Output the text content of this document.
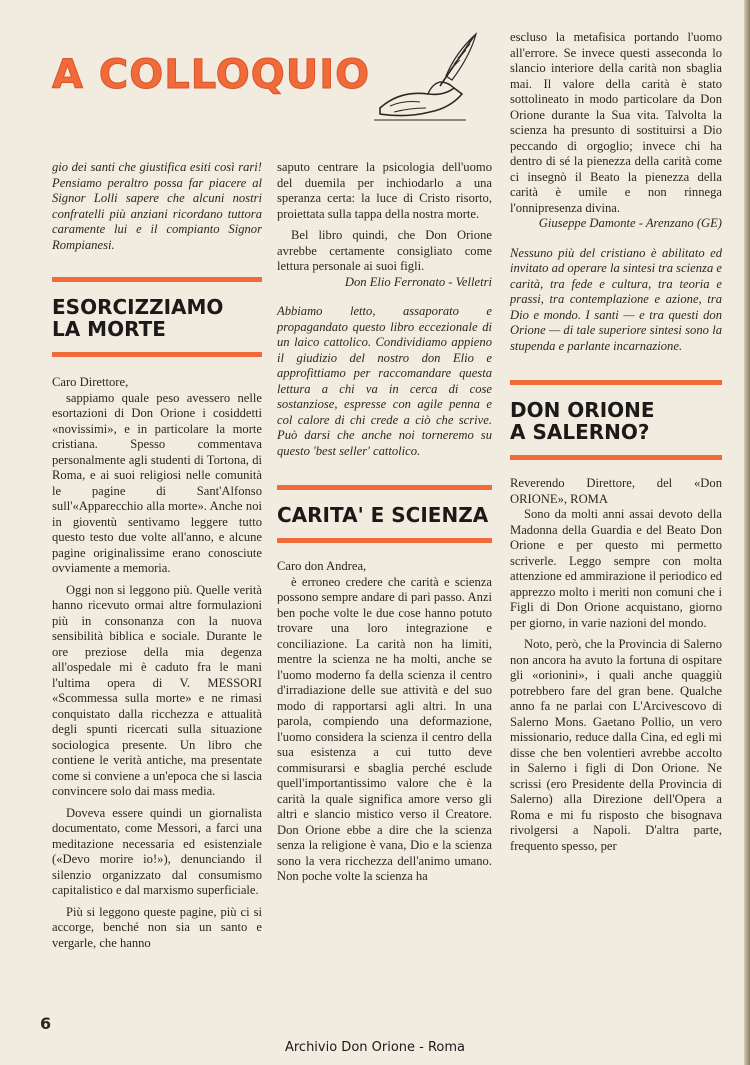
A COLLOQUIO

gio dei santi che giustifica esiti così rari! Pensiamo peraltro possa far piacere al Signor Lolli sapere che alcuni nostri confratelli più anziani ricordano tuttora caramente lui e il compianto Signor Rompianesi.

ESORCIZZIAMO
LA MORTE

Caro Direttore,

sappiamo quale peso avessero nelle esortazioni di Don Orione i cosiddetti «novissimi», e in particolare la morte cristiana. Spesso commentava personalmente agli studenti di Tortona, di Roma, e ai suoi religiosi nelle comunità le pagine di Sant'Alfonso sull'«Apparecchio alla morte». Anche noi in gioventù sentivamo leggere tutto questo testo due volte all'anno, e alcune pagine originalissime erano conosciute ovviamente a memoria.

Oggi non si leggono più. Quelle verità hanno ricevuto ormai altre formulazioni più in consonanza con la nuova sensibilità biblica e sociale. Durante le ore preziose della mia degenza all'ospedale mi è caduto fra le mani l'ultima opera di V. MESSORI «Scommessa sulla morte» e ne rimasi conquistato dalla ricchezza e attualità degli spunti ricercati sulla situazione sociologica presente. Un libro che contiene le verità antiche, ma presentate come si conviene a un'epoca che si lascia convincere solo dai mass media.

Doveva essere quindi un giornalista documentato, come Messori, a farci una meditazione necessaria ed esistenziale («Devo morire io!»), denunciando il silenzio organizzato dal consumismo capitalistico e dal marxismo superficiale.

Più si leggono queste pagine, più ci si accorge, benché non sia un santo e vergarle, che hanno

saputo centrare la psicologia dell'uomo del duemila per inchiodarlo a una speranza certa: la luce di Cristo risorto, proiettata sulla tappa della nostra morte.

Bel libro quindi, che Don Orione avrebbe certamente consigliato come lettura personale ai suoi figli.

Don Elio Ferronato - Velletri

Abbiamo letto, assaporato e propagandato questo libro eccezionale di un laico cattolico. Condividiamo appieno il giudizio del nostro don Elio e approfittiamo per raccomandare questa lettura a chi va in cerca di cose sostanziose, espresse con agile penna e col calore di chi crede a ciò che scrive. Può darsi che anche noi torneremo su questo 'best seller' cattolico.

CARITA' E SCIENZA

Caro don Andrea,

è erroneo credere che carità e scienza possono sempre andare di pari passo. Anzi ben poche volte le due cose hanno potuto trovare una loro integrazione e conciliazione. La carità non ha limiti, mentre la scienza ne ha molti, anche se l'uomo moderno fa della scienza il centro d'irradiazione delle sue attività e del suo modo di rapportarsi agli altri. In una parola, compiendo una deformazione, l'uomo considera la scienza il centro della sua esistenza a cui tutto deve commisurarsi e sbaglia perché esclude quell'importantissimo valore che è la carità la quale significa amore verso gli altri e slancio mistico verso il Creatore. Don Orione ebbe a dire che la scienza senza la religione è vana, Dio e la scienza sono la vera ricchezza dell'animo umano. Non poche volte la scienza ha

escluso la metafisica portando l'uomo all'errore. Se invece questi asseconda lo slancio interiore della carità non sbaglia mai. Il valore della carità è stato sottolineato in modo particolare da Don Orione durante la Sua vita. Talvolta la scienza ha presunto di sostituirsi a Dio peccando di orgoglio; invece chi ha dentro di sé la pienezza della carità come ci insegnò il Beato la pienezza della carità è umile e non rinnega l'onnipresenza divina.

Giuseppe Damonte - Arenzano (GE)

Nessuno più del cristiano è abilitato ed invitato ad operare la sintesi tra scienza e carità, tra fede e cultura, tra teoria e prassi, tra contemplazione e azione, tra Dio e mondo. I santi — e tra questi don Orione — di tale superiore sintesi sono la stupenda e parlante incarnazione.

DON ORIONE
A SALERNO?

Reverendo Direttore, del «Don ORIONE», ROMA

Sono da molti anni assai devoto della Madonna della Guardia e del Beato Don Orione e per questo mi permetto scriverle. Leggo sempre con molta attenzione ed ammirazione il periodico ed apprezzo molto i meriti non comuni che i Figli di Don Orione acquistano, giorno per giorno, in varie nazioni del mondo.

Noto, però, che la Provincia di Salerno non ancora ha avuto la fortuna di ospitare gli «orionini», i quali anche quaggiù potrebbero fare del gran bene. Qualche anno fa ne parlai con L'Arcivescovo di Salerno Mons. Gaetano Pollio, un vero missionario, reduce dalla Cina, ed egli mi disse che ben volentieri avrebbe accolto in Salerno i figli di Don Orione. Ne scrissi (ero Presidente della Provincia di Salerno) alla Direzione dell'Opera a Roma e mi fu risposto che bisognava rivolgersi a Napoli. D'altra parte, frequento spesso, per

6
Archivio Don Orione - Roma
